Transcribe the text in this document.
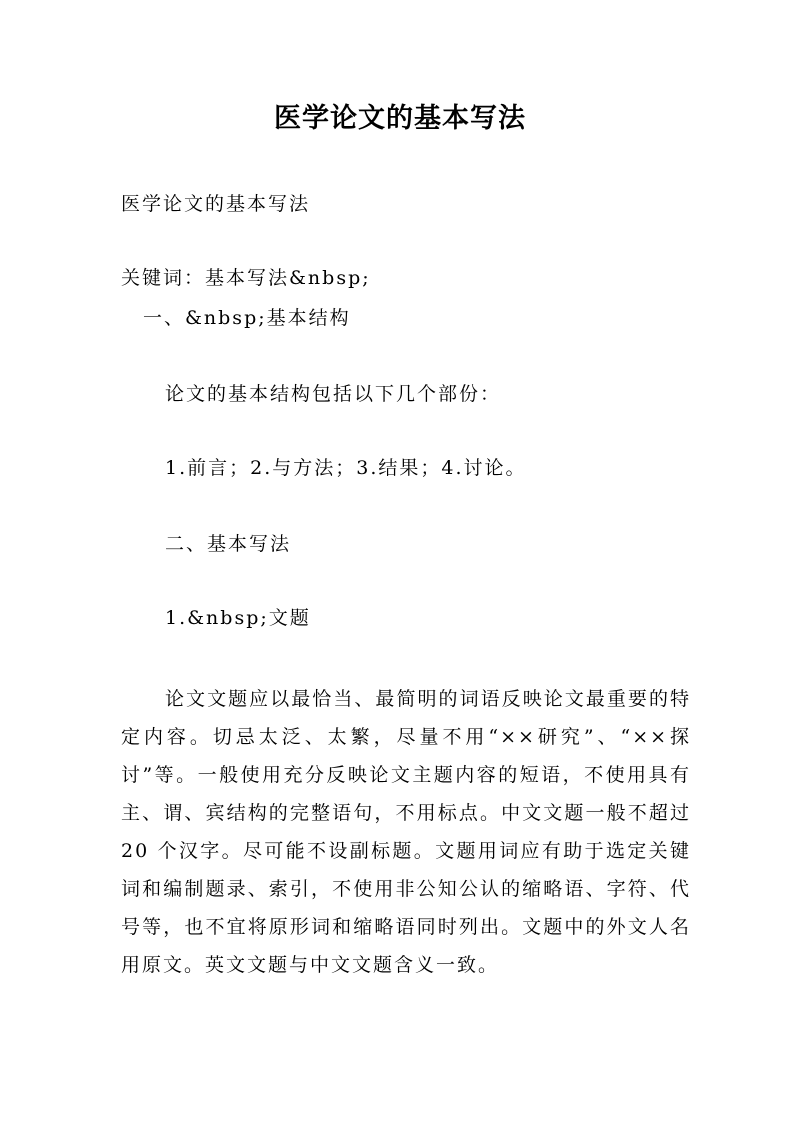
医学论文的基本写法

医学论文的基本写法

关键词：基本写法&nbsp;

一、&nbsp;基本结构

论文的基本结构包括以下几个部份：

1.前言；2.与方法；3.结果；4.讨论。

二、基本写法

1.&nbsp;文题

论文文题应以最恰当、最简明的词语反映论文最重要的特定内容。切忌太泛、太繁，尽量不用“××研究”、“××探讨”等。一般使用充分反映论文主题内容的短语，不使用具有主、谓、宾结构的完整语句，不用标点。中文文题一般不超过 20 个汉字。尽可能不设副标题。文题用词应有助于选定关键词和编制题录、索引，不使用非公知公认的缩略语、字符、代号等，也不宜将原形词和缩略语同时列出。文题中的外文人名用原文。英文文题与中文文题含义一致。
